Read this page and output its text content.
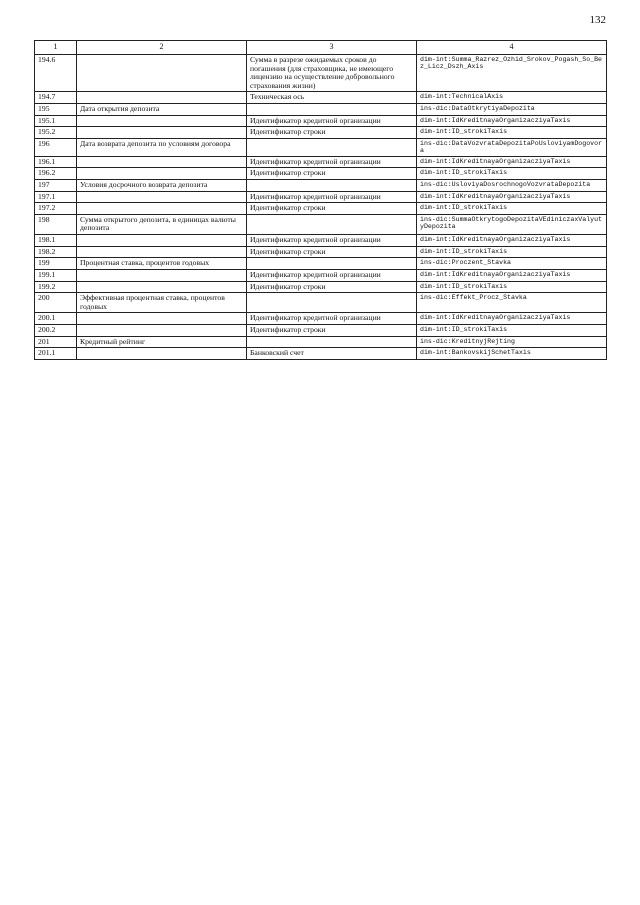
132
1	2	3	4
194.6		Сумма в разрезе ожидаемых сроков до погашения (для страховщика, не имеющего лицензию на осуществление добровольного страхования жизни)	dim-int:Summa_Razrez_Ozhid_Srokov_Pogash_So_Bez_Licz_Dszh_Axis
194.7		Техническая ось	dim-int:TechnicalAxis
195	Дата открытия депозита		ins-dic:DataOtkrytiyaDepozita
195.1		Идентификатор кредитной организации	dim-int:IdKreditnayaOrganizacziyaTaxis
195.2		Идентификатор строки	dim-int:ID_strokiTaxis
196	Дата возврата депозита по условиям договора		ins-dic:DataVozvrataDepozitaPoUsloviyamDogovora
196.1		Идентификатор кредитной организации	dim-int:IdKreditnayaOrganizacziyaTaxis
196.2		Идентификатор строки	dim-int:ID_strokiTaxis
197	Условия досрочного возврата депозита		ins-dic:UsloviyaDosrochnogoVozvrataDepozita
197.1		Идентификатор кредитной организации	dim-int:IdKreditnayaOrganizacziyaTaxis
197.2		Идентификатор строки	dim-int:ID_strokiTaxis
198	Сумма открытого депозита, в единицах валюты депозита		ins-dic:SummaOtkrytogoDepozitaVEdiniczaxValyutyDepozita
198.1		Идентификатор кредитной организации	dim-int:IdKreditnayaOrganizacziyaTaxis
198.2		Идентификатор строки	dim-int:ID_strokiTaxis
199	Процентная ставка, процентов годовых		ins-dic:Proczent_Stavka
199.1		Идентификатор кредитной организации	dim-int:IdKreditnayaOrganizacziyaTaxis
199.2		Идентификатор строки	dim-int:ID_strokiTaxis
200	Эффективная процентная ставка, процентов годовых		ins-dic:Effekt_Procz_Stavka
200.1		Идентификатор кредитной организации	dim-int:IdKreditnayaOrganizacziyaTaxis
200.2		Идентификатор строки	dim-int:ID_strokiTaxis
201	Кредитный рейтинг		ins-dic:KreditnyjRejting
201.1		Банковский счет	dim-int:BankovskijSchetTaxis
